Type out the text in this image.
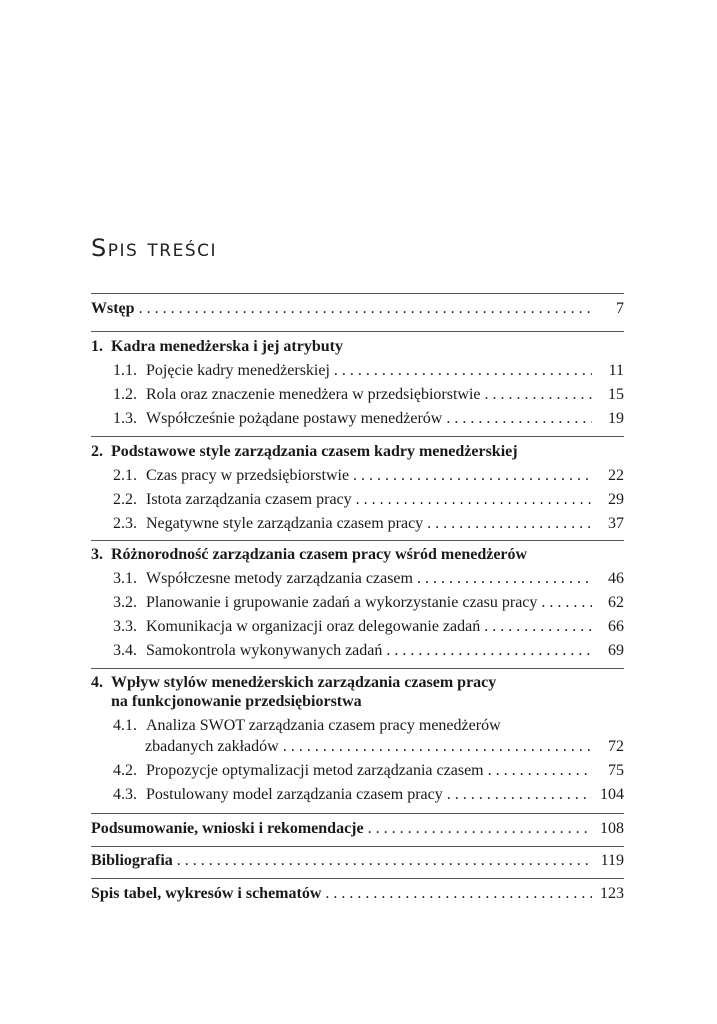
Spis treści
Wstęp . . .	7
1. Kadra menedżerska i jej atrybuty
1.1. Pojęcie kadry menedżerskiej . . .	11
1.2. Rola oraz znaczenie menedżera w przedsiębiorstwie . . .	15
1.3. Współcześnie pożądane postawy menedżerów . . .	19
2. Podstawowe style zarządzania czasem kadry menedżerskiej
2.1. Czas pracy w przedsiębiorstwie . . .	22
2.2. Istota zarządzania czasem pracy . . .	29
2.3. Negatywne style zarządzania czasem pracy . . .	37
3. Różnorodność zarządzania czasem pracy wśród menedżerów
3.1. Współczesne metody zarządzania czasem . . .	46
3.2. Planowanie i grupowanie zadań a wykorzystanie czasu pracy . . .	62
3.3. Komunikacja w organizacji oraz delegowanie zadań . . .	66
3.4. Samokontrola wykonywanych zadań . . .	69
4. Wpływ stylów menedżerskich zarządzania czasem pracy
na funkcjonowanie przedsiębiorstwa
4.1. Analiza SWOT zarządzania czasem pracy menedżerów
zbadanych zakładów . . .	72
4.2. Propozycje optymalizacji metod zarządzania czasem . . .	75
4.3. Postulowany model zarządzania czasem pracy . . .	104
Podsumowanie, wnioski i rekomendacje . . .	108
Bibliografia . . .	119
Spis tabel, wykresów i schematów . . .	123
